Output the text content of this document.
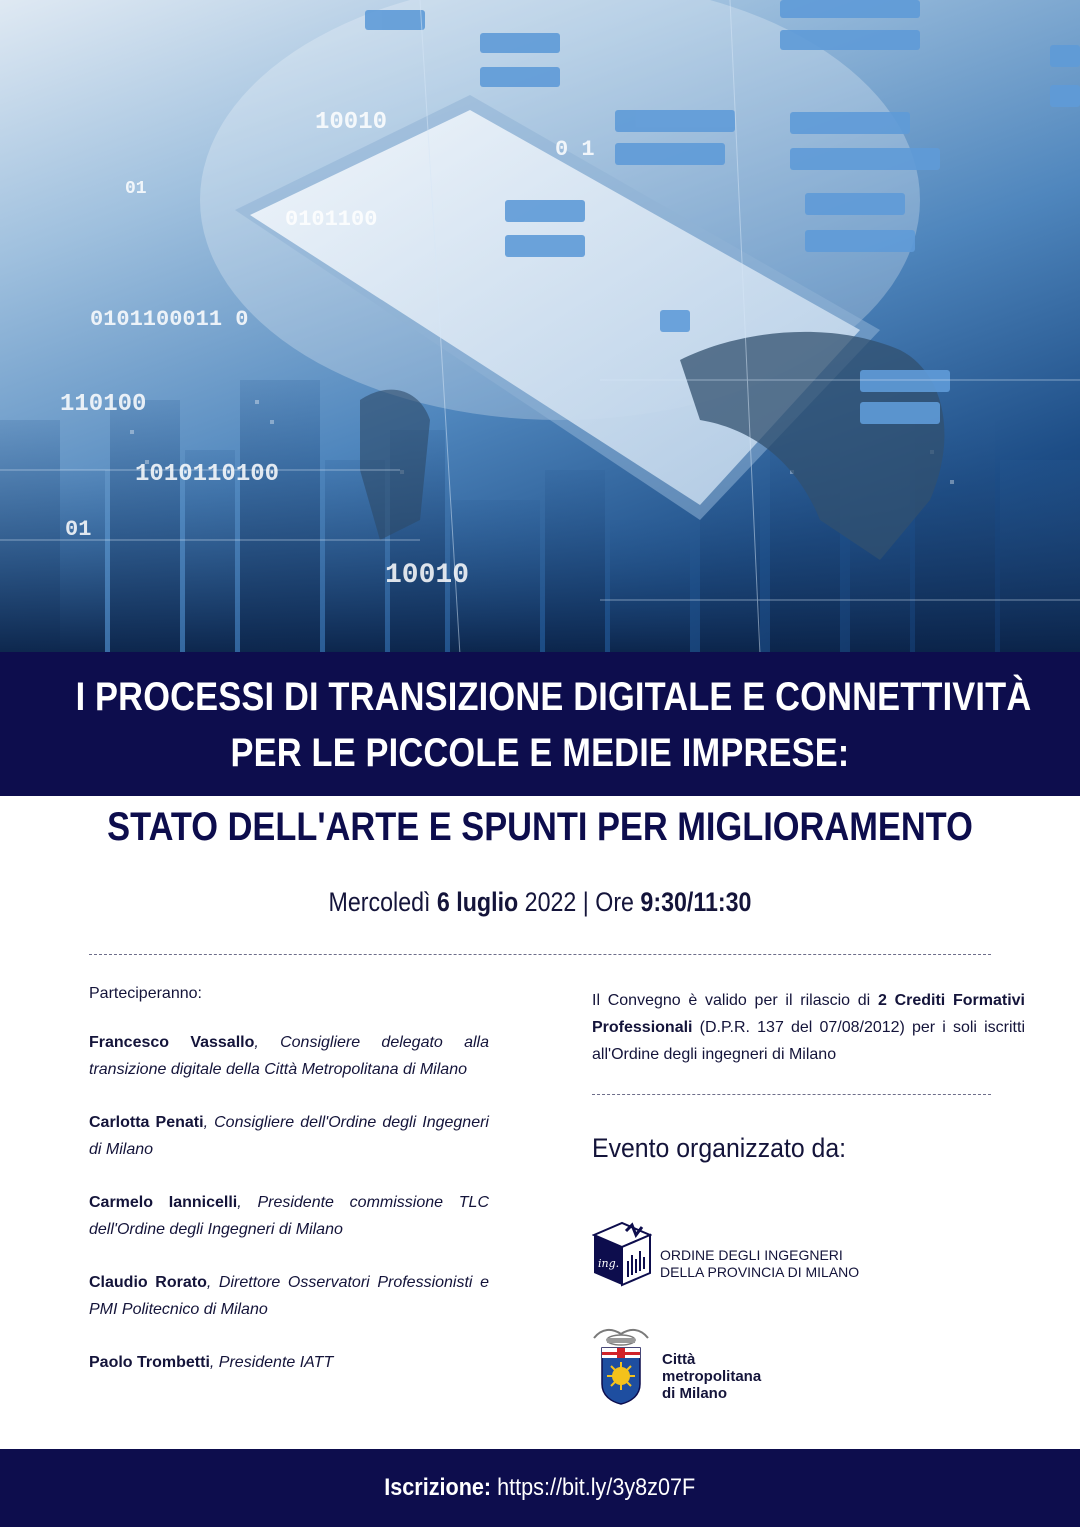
10010
01
0101100
0101100011 0
110100
1010110100
10010
01
0 1
I PROCESSI DI TRANSIZIONE DIGITALE E CONNETTIVITÀ
PER LE PICCOLE E MEDIE IMPRESE:
STATO DELL'ARTE E SPUNTI PER MIGLIORAMENTO
Mercoledì 6 luglio 2022 | Ore 9:30/11:30

Parteciperanno:

Francesco Vassallo, Consigliere delegato alla transizione digitale della Città Metropolitana di Milano

Carlotta Penati, Consigliere dell'Ordine degli Ingegneri di Milano

Carmelo Iannicelli, Presidente commissione TLC dell'Ordine degli Ingegneri di Milano

Claudio Rorato, Direttore Osservatori Professionisti e PMI Politecnico di Milano

Paolo Trombetti, Presidente IATT

Il Convegno è valido per il rilascio di 2 Crediti Formativi Professionali (D.P.R. 137 del 07/08/2012) per i soli iscritti all'Ordine degli ingegneri di Milano
Evento organizzato da:
ing.
ORDINE DEGLI INGEGNERI
DELLA PROVINCIA DI MILANO
Città
metropolitana
di Milano
Iscrizione: https://bit.ly/3y8z07F
